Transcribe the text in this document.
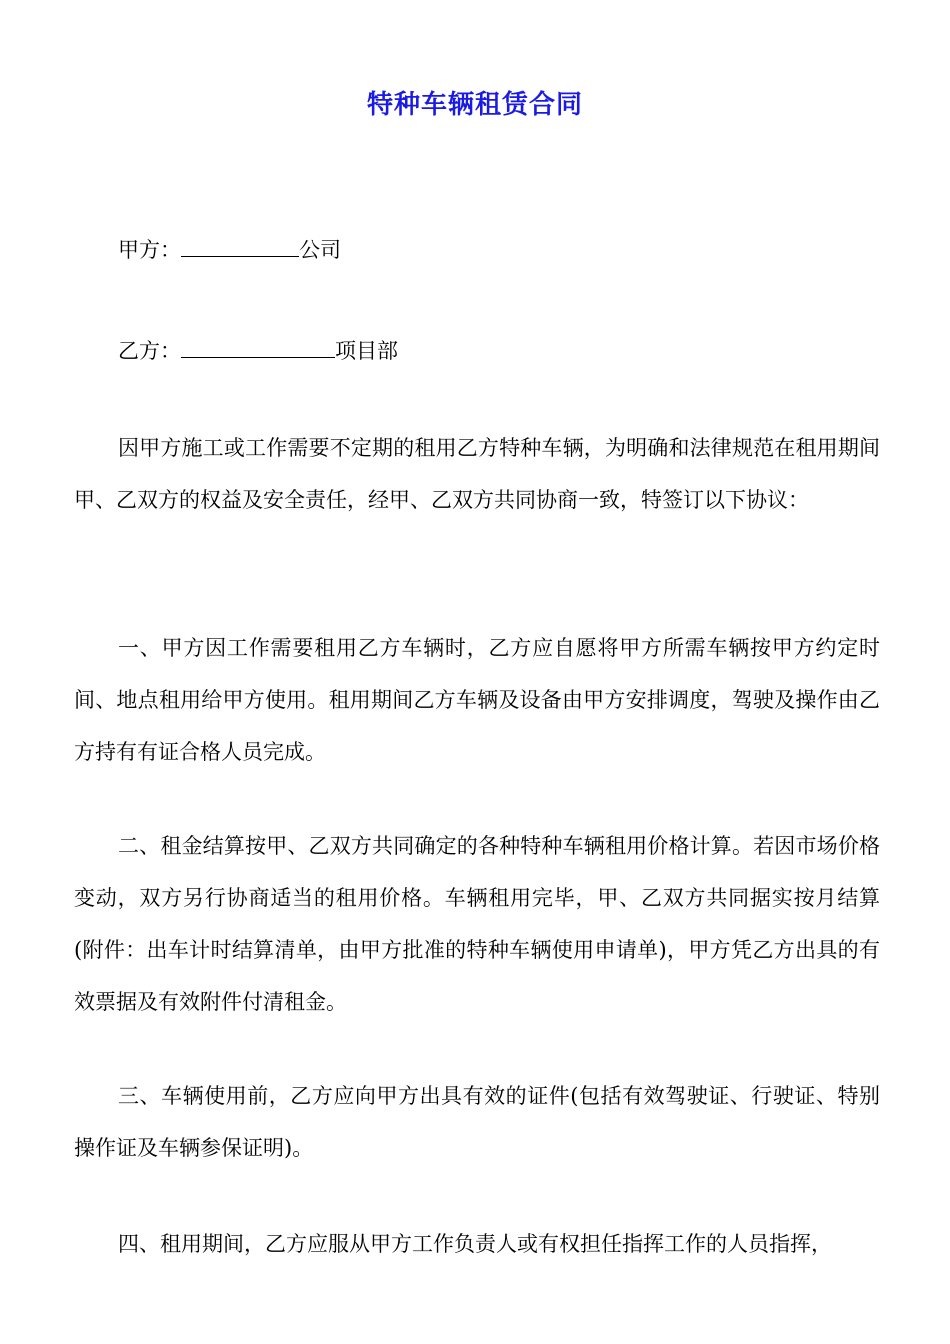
特种车辆租赁合同
甲方：	公司
乙方：	项目部
因甲方施工或工作需要不定期的租用乙方特种车辆，为明确和法律规范在租用期间甲、乙双方的权益及安全责任，经甲、乙双方共同协商一致，特签订以下协议：
一、甲方因工作需要租用乙方车辆时，乙方应自愿将甲方所需车辆按甲方约定时间、地点租用给甲方使用。租用期间乙方车辆及设备由甲方安排调度，驾驶及操作由乙方持有有证合格人员完成。
二、租金结算按甲、乙双方共同确定的各种特种车辆租用价格计算。若因市场价格变动，双方另行协商适当的租用价格。车辆租用完毕，甲、乙双方共同据实按月结算(附件：出车计时结算清单，由甲方批准的特种车辆使用申请单)，甲方凭乙方出具的有效票据及有效附件付清租金。
三、车辆使用前，乙方应向甲方出具有效的证件(包括有效驾驶证、行驶证、特别操作证及车辆参保证明)。
四、租用期间，乙方应服从甲方工作负责人或有权担任指挥工作的人员指挥，
